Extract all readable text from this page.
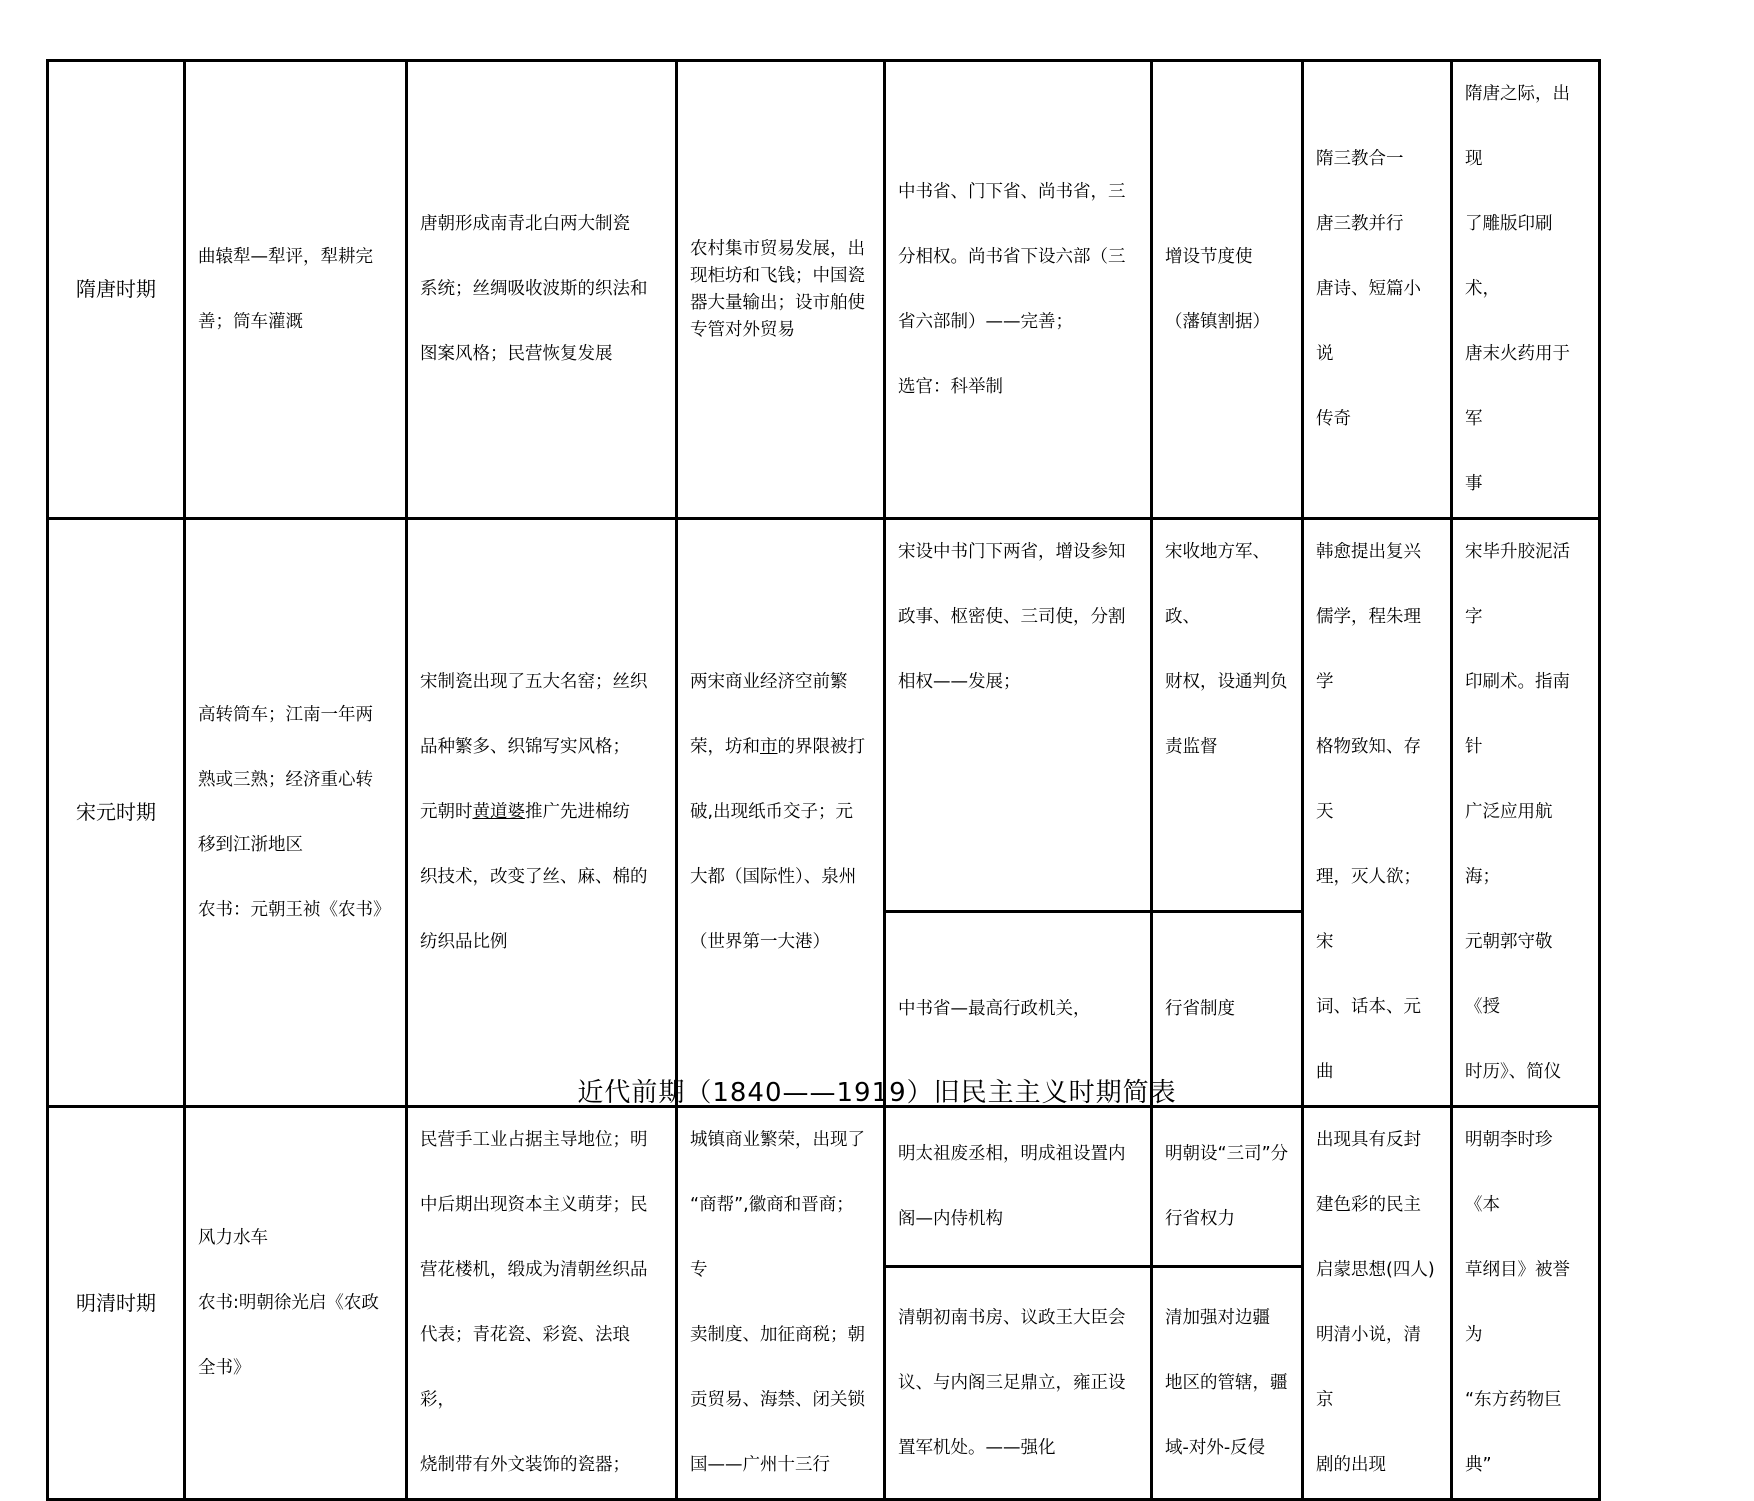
隋唐时期	曲辕犁—犁评，犁耕完
善；筒车灌溉	唐朝形成南青北白两大制瓷
系统；丝绸吸收波斯的织法和
图案风格；民营恢复发展	农村集市贸易发展，出现柜坊和飞钱；中国瓷器大量输出；设市舶使专管对外贸易	中书省、门下省、尚书省，三
分相权。尚书省下设六部（三
省六部制）——完善；
选官：科举制	增设节度使
（藩镇割据）	隋三教合一
唐三教并行
唐诗、短篇小说
传奇	隋唐之际，出现
了雕版印刷术，
唐末火药用于军
事

宋元时期	高转筒车；江南一年两
熟或三熟；经济重心转
移到江浙地区
农书：元朝王祯《农书》	宋制瓷出现了五大名窑；丝织
品种繁多、织锦写实风格；
元朝时黄道婆推广先进棉纺
织技术，改变了丝、麻、棉的
纺织品比例	两宋商业经济空前繁
荣，坊和市的界限被打
破,出现纸币交子；元
大都（国际性）、泉州
（世界第一大港）	宋设中书门下两省，增设参知
政事、枢密使、三司使，分割
相权——发展；	宋收地方军、政、
财权，设通判负
责监督	韩愈提出复兴
儒学，程朱理学
格物致知、存天
理，灭人欲；宋
词、话本、元曲	宋毕升胶泥活字
印刷术。指南针
广泛应用航海；
元朝郭守敬《授
时历》、简仪

				中书省—最高行政机关，	行省制度		
明清时期	风力水车
农书:明朝徐光启《农政
全书》	民营手工业占据主导地位；明
中后期出现资本主义萌芽；民
营花楼机，缎成为清朝丝织品
代表；青花瓷、彩瓷、法琅彩，
烧制带有外文装饰的瓷器；	城镇商业繁荣，出现了
“商帮”,徽商和晋商；专
卖制度、加征商税；朝
贡贸易、海禁、闭关锁
国——广州十三行	明太祖废丞相，明成祖设置内
阁—内侍机构	明朝设“三司”分
行省权力	出现具有反封
建色彩的民主
启蒙思想(四人)
明清小说，清京
剧的出现	明朝李时珍《本
草纲目》被誉为
“东方药物巨典”

				清朝初南书房、议政王大臣会
议、与内阁三足鼎立，雍正设
置军机处。——强化	清加强对边疆
地区的管辖，疆
域-对外-反侵		
近代前期（1840——1919）旧民主主义时期简表
